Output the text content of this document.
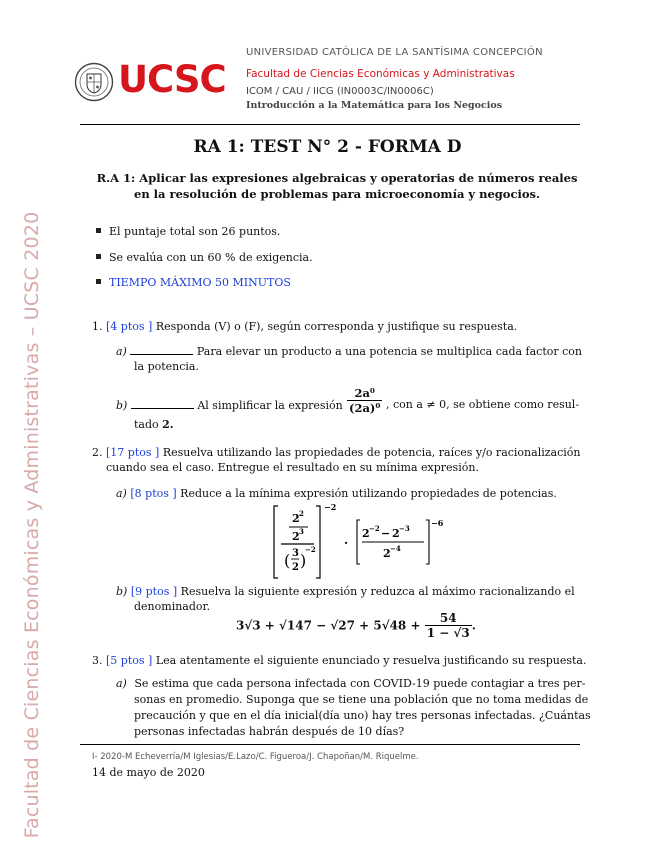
Facultad de Ciencias Económicas y Administrativas – UCSC 2020
UCSC
UNIVERSIDAD CATÓLICA DE LA SANTÍSIMA CONCEPCIÓN
Facultad de Ciencias Económicas y Administrativas
ICOM / CAU / IICG (IN0003C/IN0006C)
Introducción a la Matemática para los Negocios
RA 1: TEST N° 2 - FORMA D
R.A 1: Aplicar las expresiones algebraicas y operatorias de números reales en la resolución de problemas para microeconomía y negocios.
El puntaje total son 26 puntos.
Se evalúa con un 60 % de exigencia.
TIEMPO MÁXIMO 50 MINUTOS
1. [4 ptos ] Responda (V) o (F), según corresponda y justifique su respuesta.
a)	Para elevar un producto a una potencia se multiplica cada factor con
la potencia.
b)	Al simplificar la expresión $\frac{\text{2a⁰}}{\text{(2a)⁰}}$ , con a ≠ 0, se obtiene como resul-
tado 2.
2. [17 ptos ] Resuelva utilizando las propiedades de potencia, raíces y/o racionalización
cuando sea el caso. Entregue el resultado en su mínima expresión.
a) [8 ptos ] Reduce a la mínima expresión utilizando propiedades de potencias.
2 2
2 3
( 3
2 )
−2
−2
·
2 −2 − 2 −3
2 −4
−6
b) [9 ptos ] Resuelva la siguiente expresión y reduzca al máximo racionalizando el
denominador.
$3√3 + √147 - √27 + 5√48 + \frac{54}{1 - √3}$ .
3. [5 ptos ] Lea atentamente el siguiente enunciado y resuelva justificando su respuesta.
a) Se estima que cada persona infectada con COVID-19 puede contagiar a tres per-
sonas en promedio. Suponga que se tiene una población que no toma medidas de
precaución y que en el día inicial(día uno) hay tres personas infectadas. ¿Cuántas
personas infectadas habrán después de 10 días?
I- 2020-M Echeverría/M Iglesias/E.Lazo/C. Figueroa/J. Chapoñan/M. Riquelme.
14 de mayo de 2020
